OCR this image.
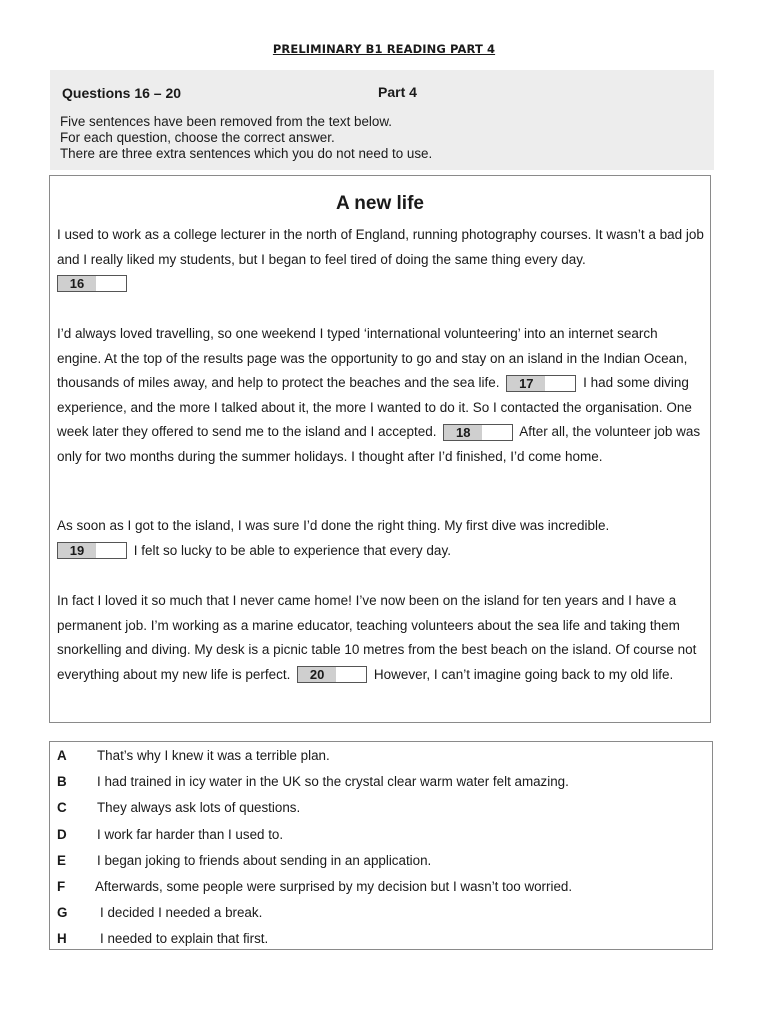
PRELIMINARY B1 READING PART 4
Questions 16 – 20	Part 4
Five sentences have been removed from the text below.
For each question, choose the correct answer.
There are three extra sentences which you do not need to use.
A new life
I used to work as a college lecturer in the north of England, running photography courses. It wasn’t a bad job and I really liked my students, but I began to feel tired of doing the same thing every day.
16
I’d always loved travelling, so one weekend I typed ‘international volunteering’ into an internet search engine. At the top of the results page was the opportunity to go and stay on an island in the Indian Ocean, thousands of miles away, and help to protect the beaches and the sea life.	17	I had some diving experience, and the more I talked about it, the more I wanted to do it. So I contacted the organisation. One week later they offered to send me to the island and I accepted.	18	After all, the volunteer job was only for two months during the summer holidays. I thought after I’d finished, I’d come home.
As soon as I got to the island, I was sure I’d done the right thing. My first dive was incredible.

19	I felt so lucky to be able to experience that every day.
In fact I loved it so much that I never came home! I’ve now been on the island for ten years and I have a permanent job. I’m working as a marine educator, teaching volunteers about the sea life and taking them snorkelling and diving. My desk is a picnic table 10 metres from the best beach on the island. Of course not everything about my new life is perfect.	20	However, I can’t imagine going back to my old life.
A That’s why I knew it was a terrible plan.
B I had trained in icy water in the UK so the crystal clear warm water felt amazing.
C They always ask lots of questions.
D I work far harder than I used to.
E I began joking to friends about sending in an application.
F Afterwards, some people were surprised by my decision but I wasn’t too worried.
G I decided I needed a break.
H I needed to explain that first.
